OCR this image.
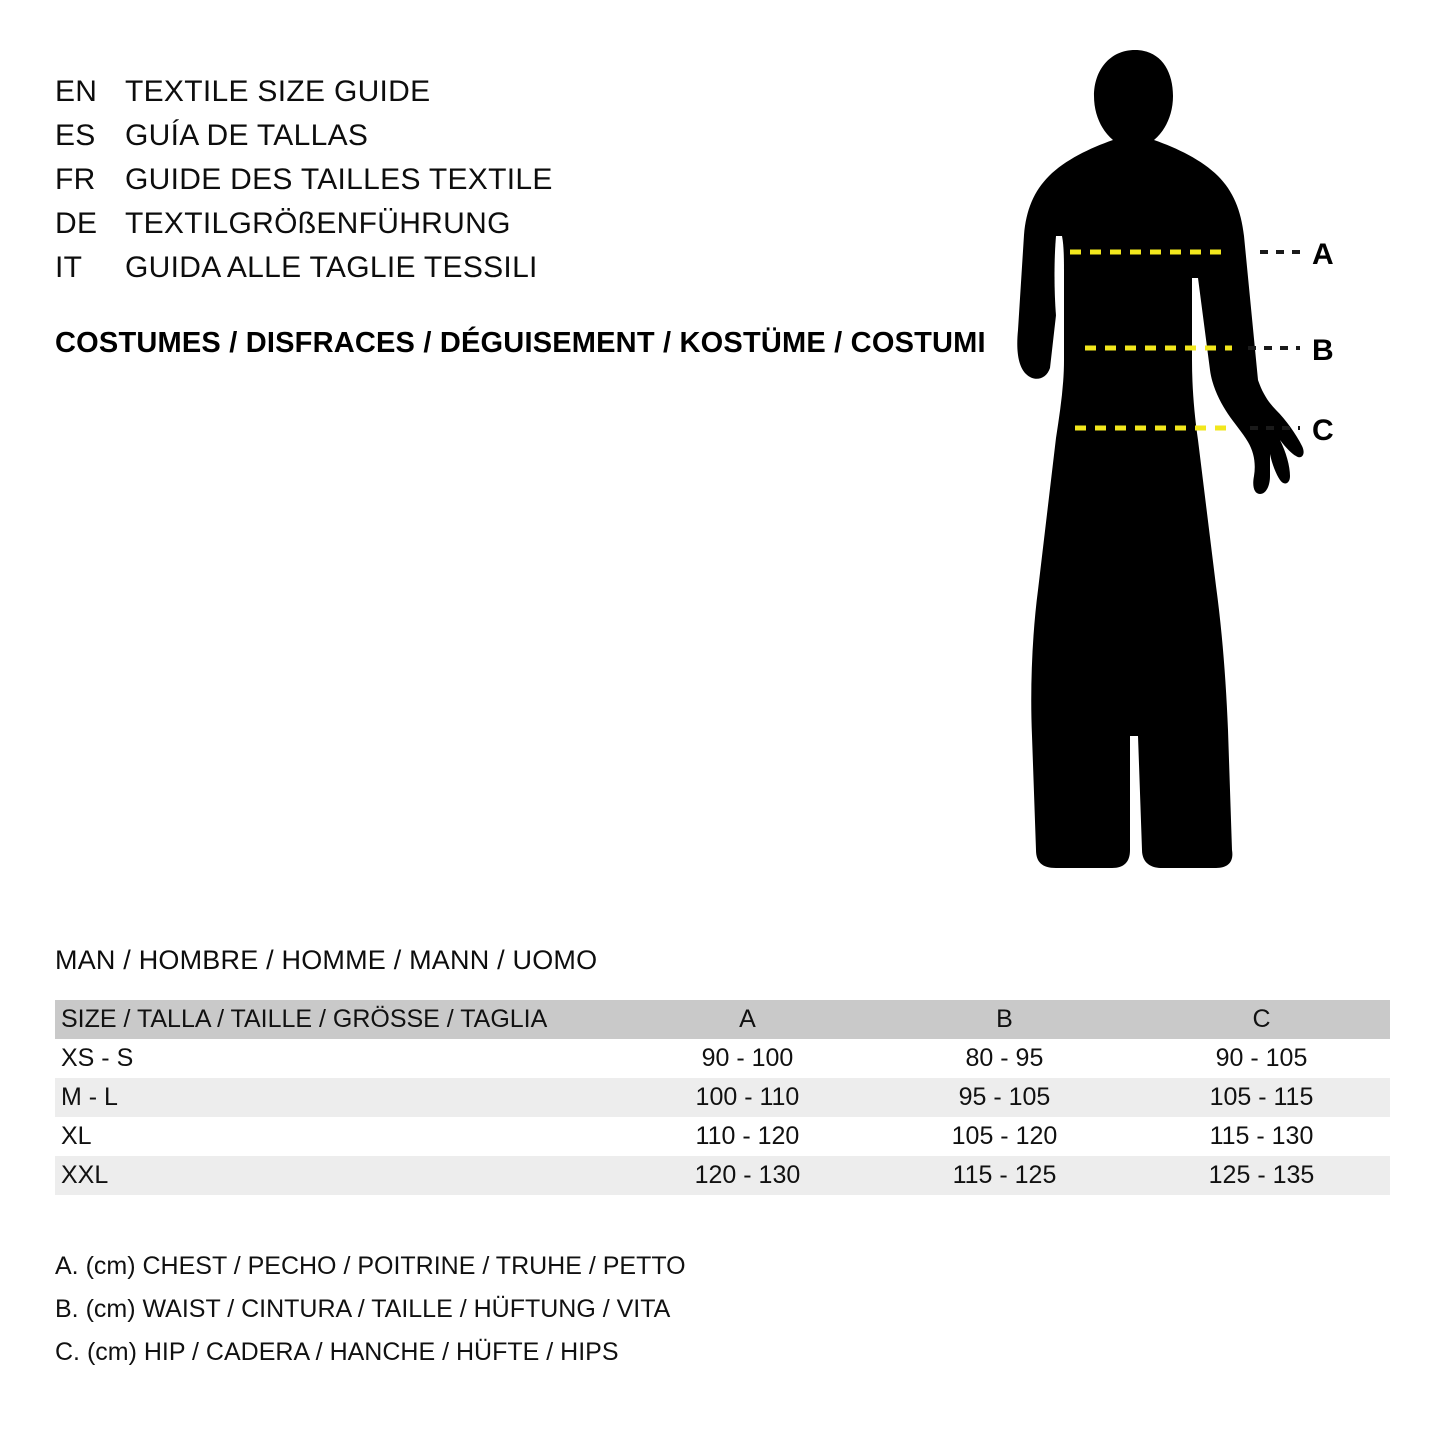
EN TEXTILE SIZE GUIDE
ES GUÍA DE TALLAS
FR GUIDE DES TAILLES TEXTILE
DE TEXTILGRÖßENFÜHRUNG
IT	GUIDA ALLE TAGLIE TESSILI
COSTUMES / DISFRACES / DÉGUISEMENT / KOSTÜME / COSTUMI
A
B
C
MAN / HOMBRE / HOMME / MANN / UOMO
SIZE / TALLA / TAILLE / GRÖSSE / TAGLIA	A	B	C
XS - S	90 - 100	80 - 95	90 - 105
M - L	100 - 110	95 - 105	105 - 115
XL	110 - 120	105 - 120	115 - 130
XXL	120 - 130	115 - 125	125 - 135
A. (cm) CHEST / PECHO / POITRINE / TRUHE / PETTO
B. (cm) WAIST / CINTURA / TAILLE / HÜFTUNG / VITA
C. (cm) HIP / CADERA / HANCHE / HÜFTE / HIPS
